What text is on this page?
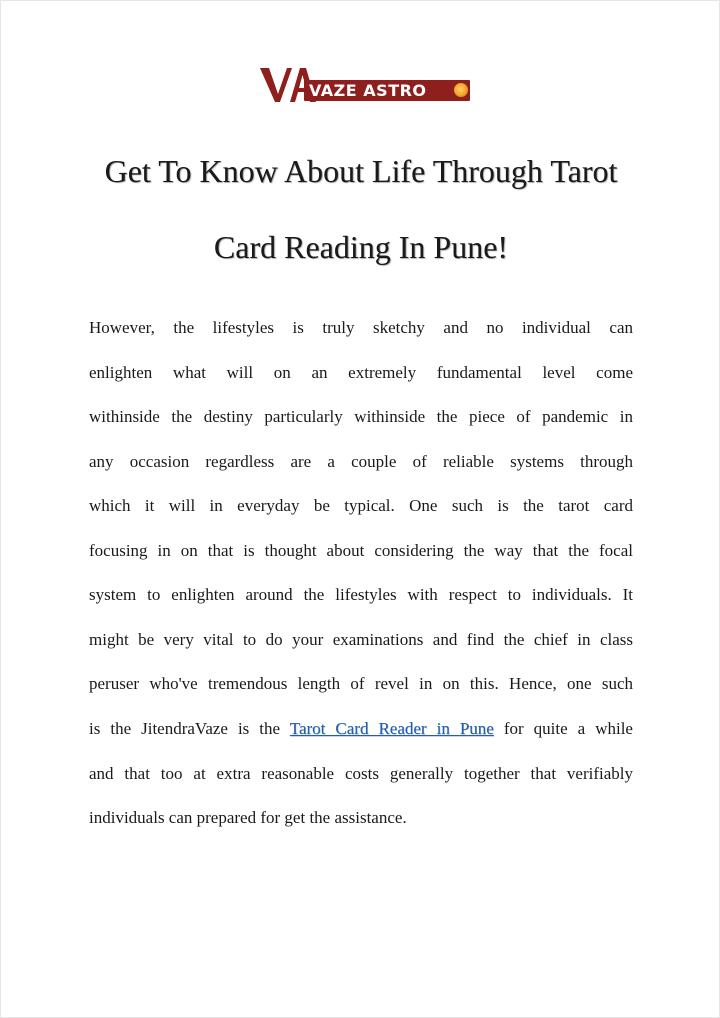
VAZE ASTRO
Get To Know About Life Through Tarot
Card Reading In Pune!
However, the lifestyles is truly sketchy and no individual can
enlighten what will on an extremely fundamental level come
withinside the destiny particularly withinside the piece of pandemic in
any occasion regardless are a couple of reliable systems through
which it will in everyday be typical. One such is the tarot card
focusing in on that is thought about considering the way that the focal
system to enlighten around the lifestyles with respect to individuals. It
might be very vital to do your examinations and find the chief in class
peruser who've tremendous length of revel in on this. Hence, one such
is the JitendraVaze is the Tarot Card Reader in Pune for quite a while
and that too at extra reasonable costs generally together that verifiably
individuals can prepared for get the assistance.
